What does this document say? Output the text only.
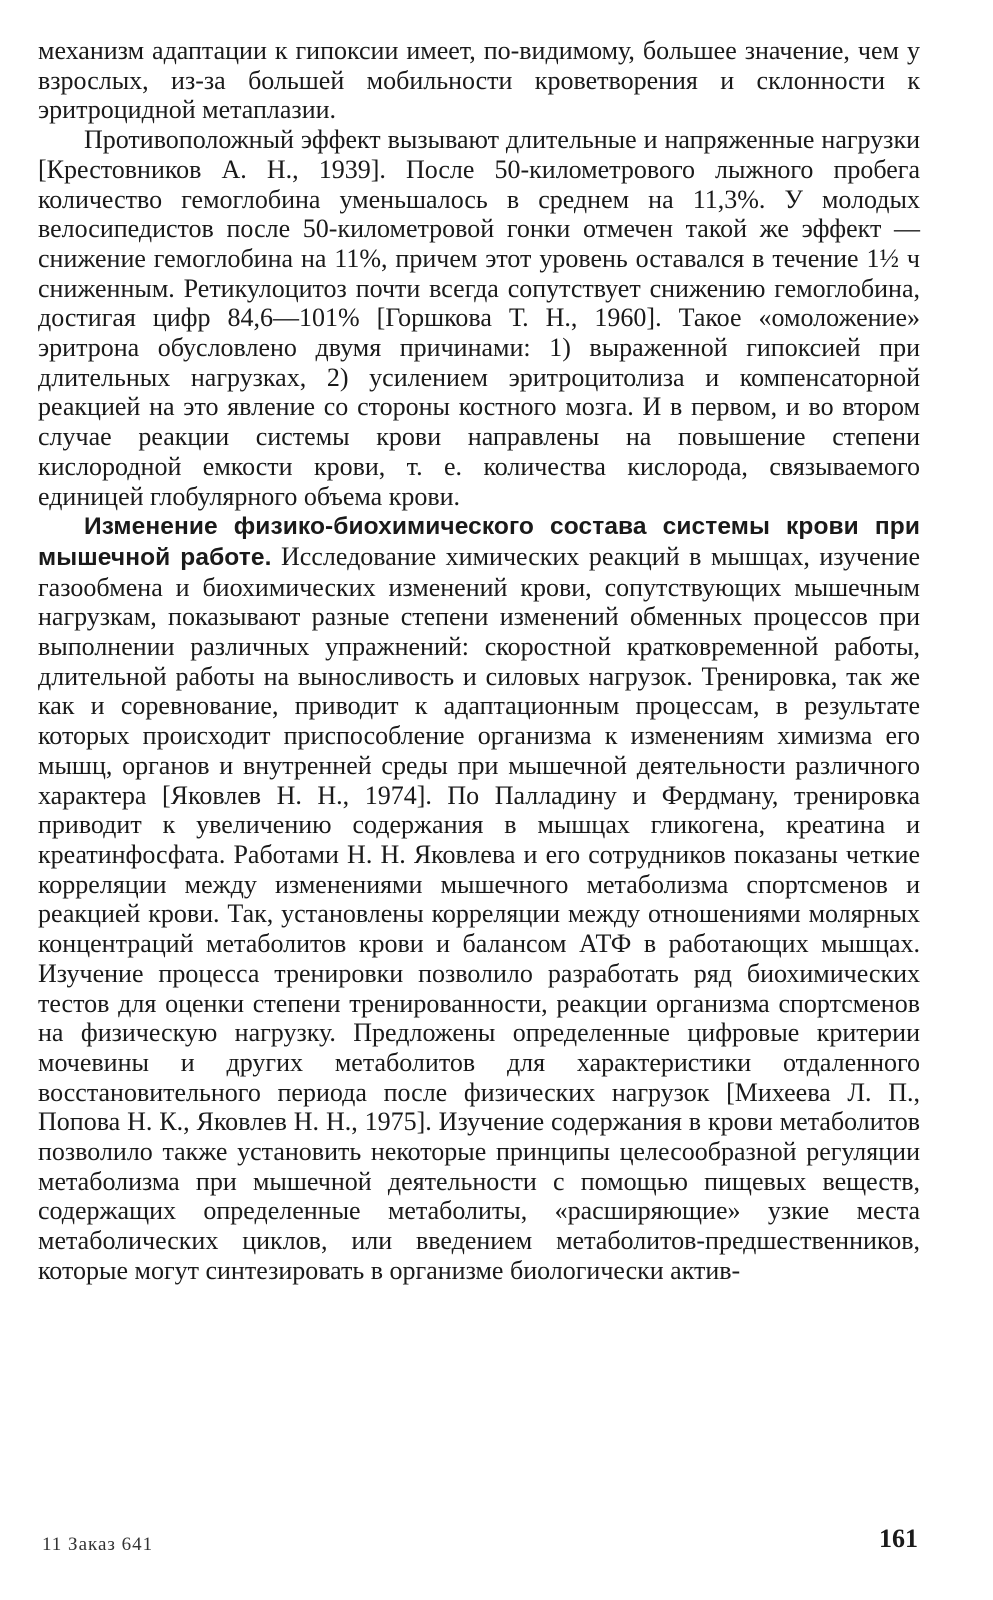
механизм адаптации к гипоксии имеет, по-видимому, большее значение, чем у взрослых, из-за большей мобильности кроветворения и склонности к эритроцидной метаплазии.

Противоположный эффект вызывают длительные и напряженные нагрузки [Крестовников А. Н., 1939]. После 50-километрового лыжного пробега количество гемоглобина уменьшалось в среднем на 11,3%. У молодых велосипедистов после 50-километровой гонки отмечен такой же эффект — снижение гемоглобина на 11%, причем этот уровень оставался в течение 1½ ч сниженным. Ретикулоцитоз почти всегда сопутствует снижению гемоглобина, достигая цифр 84,6—101% [Горшкова Т. Н., 1960]. Такое «омоложение» эритрона обусловлено двумя причинами: 1) выраженной гипоксией при длительных нагрузках, 2) усилением эритроцитолиза и компенсаторной реакцией на это явление со стороны костного мозга. И в первом, и во втором случае реакции системы крови направлены на повышение степени кислородной емкости крови, т. е. количества кислорода, связываемого единицей глобулярного объема крови.

Изменение физико-биохимического состава системы крови при мышечной работе. Исследование химических реакций в мышцах, изучение газообмена и биохимических изменений крови, сопутствующих мышечным нагрузкам, показывают разные степени изменений обменных процессов при выполнении различных упражнений: скоростной кратковременной работы, длительной работы на выносливость и силовых нагрузок. Тренировка, так же как и соревнование, приводит к адаптационным процессам, в результате которых происходит приспособление организма к изменениям химизма его мышц, органов и внутренней среды при мышечной деятельности различного характера [Яковлев Н. Н., 1974]. По Палладину и Фердману, тренировка приводит к увеличению содержания в мышцах гликогена, креатина и креатинфосфата. Работами Н. Н. Яковлева и его сотрудников показаны четкие корреляции между изменениями мышечного метаболизма спортсменов и реакцией крови. Так, установлены корреляции между отношениями молярных концентраций метаболитов крови и балансом АТФ в работающих мышцах. Изучение процесса тренировки позволило разработать ряд биохимических тестов для оценки степени тренированности, реакции организма спортсменов на физическую нагрузку. Предложены определенные цифровые критерии мочевины и других метаболитов для характеристики отдаленного восстановительного периода после физических нагрузок [Михеева Л. П., Попова Н. К., Яковлев Н. Н., 1975]. Изучение содержания в крови метаболитов позволило также установить некоторые принципы целесообразной регуляции метаболизма при мышечной деятельности с помощью пищевых веществ, содержащих определенные метаболиты, «расширяющие» узкие места метаболических циклов, или введением метаболитов-предшественников, которые могут синтезировать в организме биологически актив-

11 Заказ 641	161
